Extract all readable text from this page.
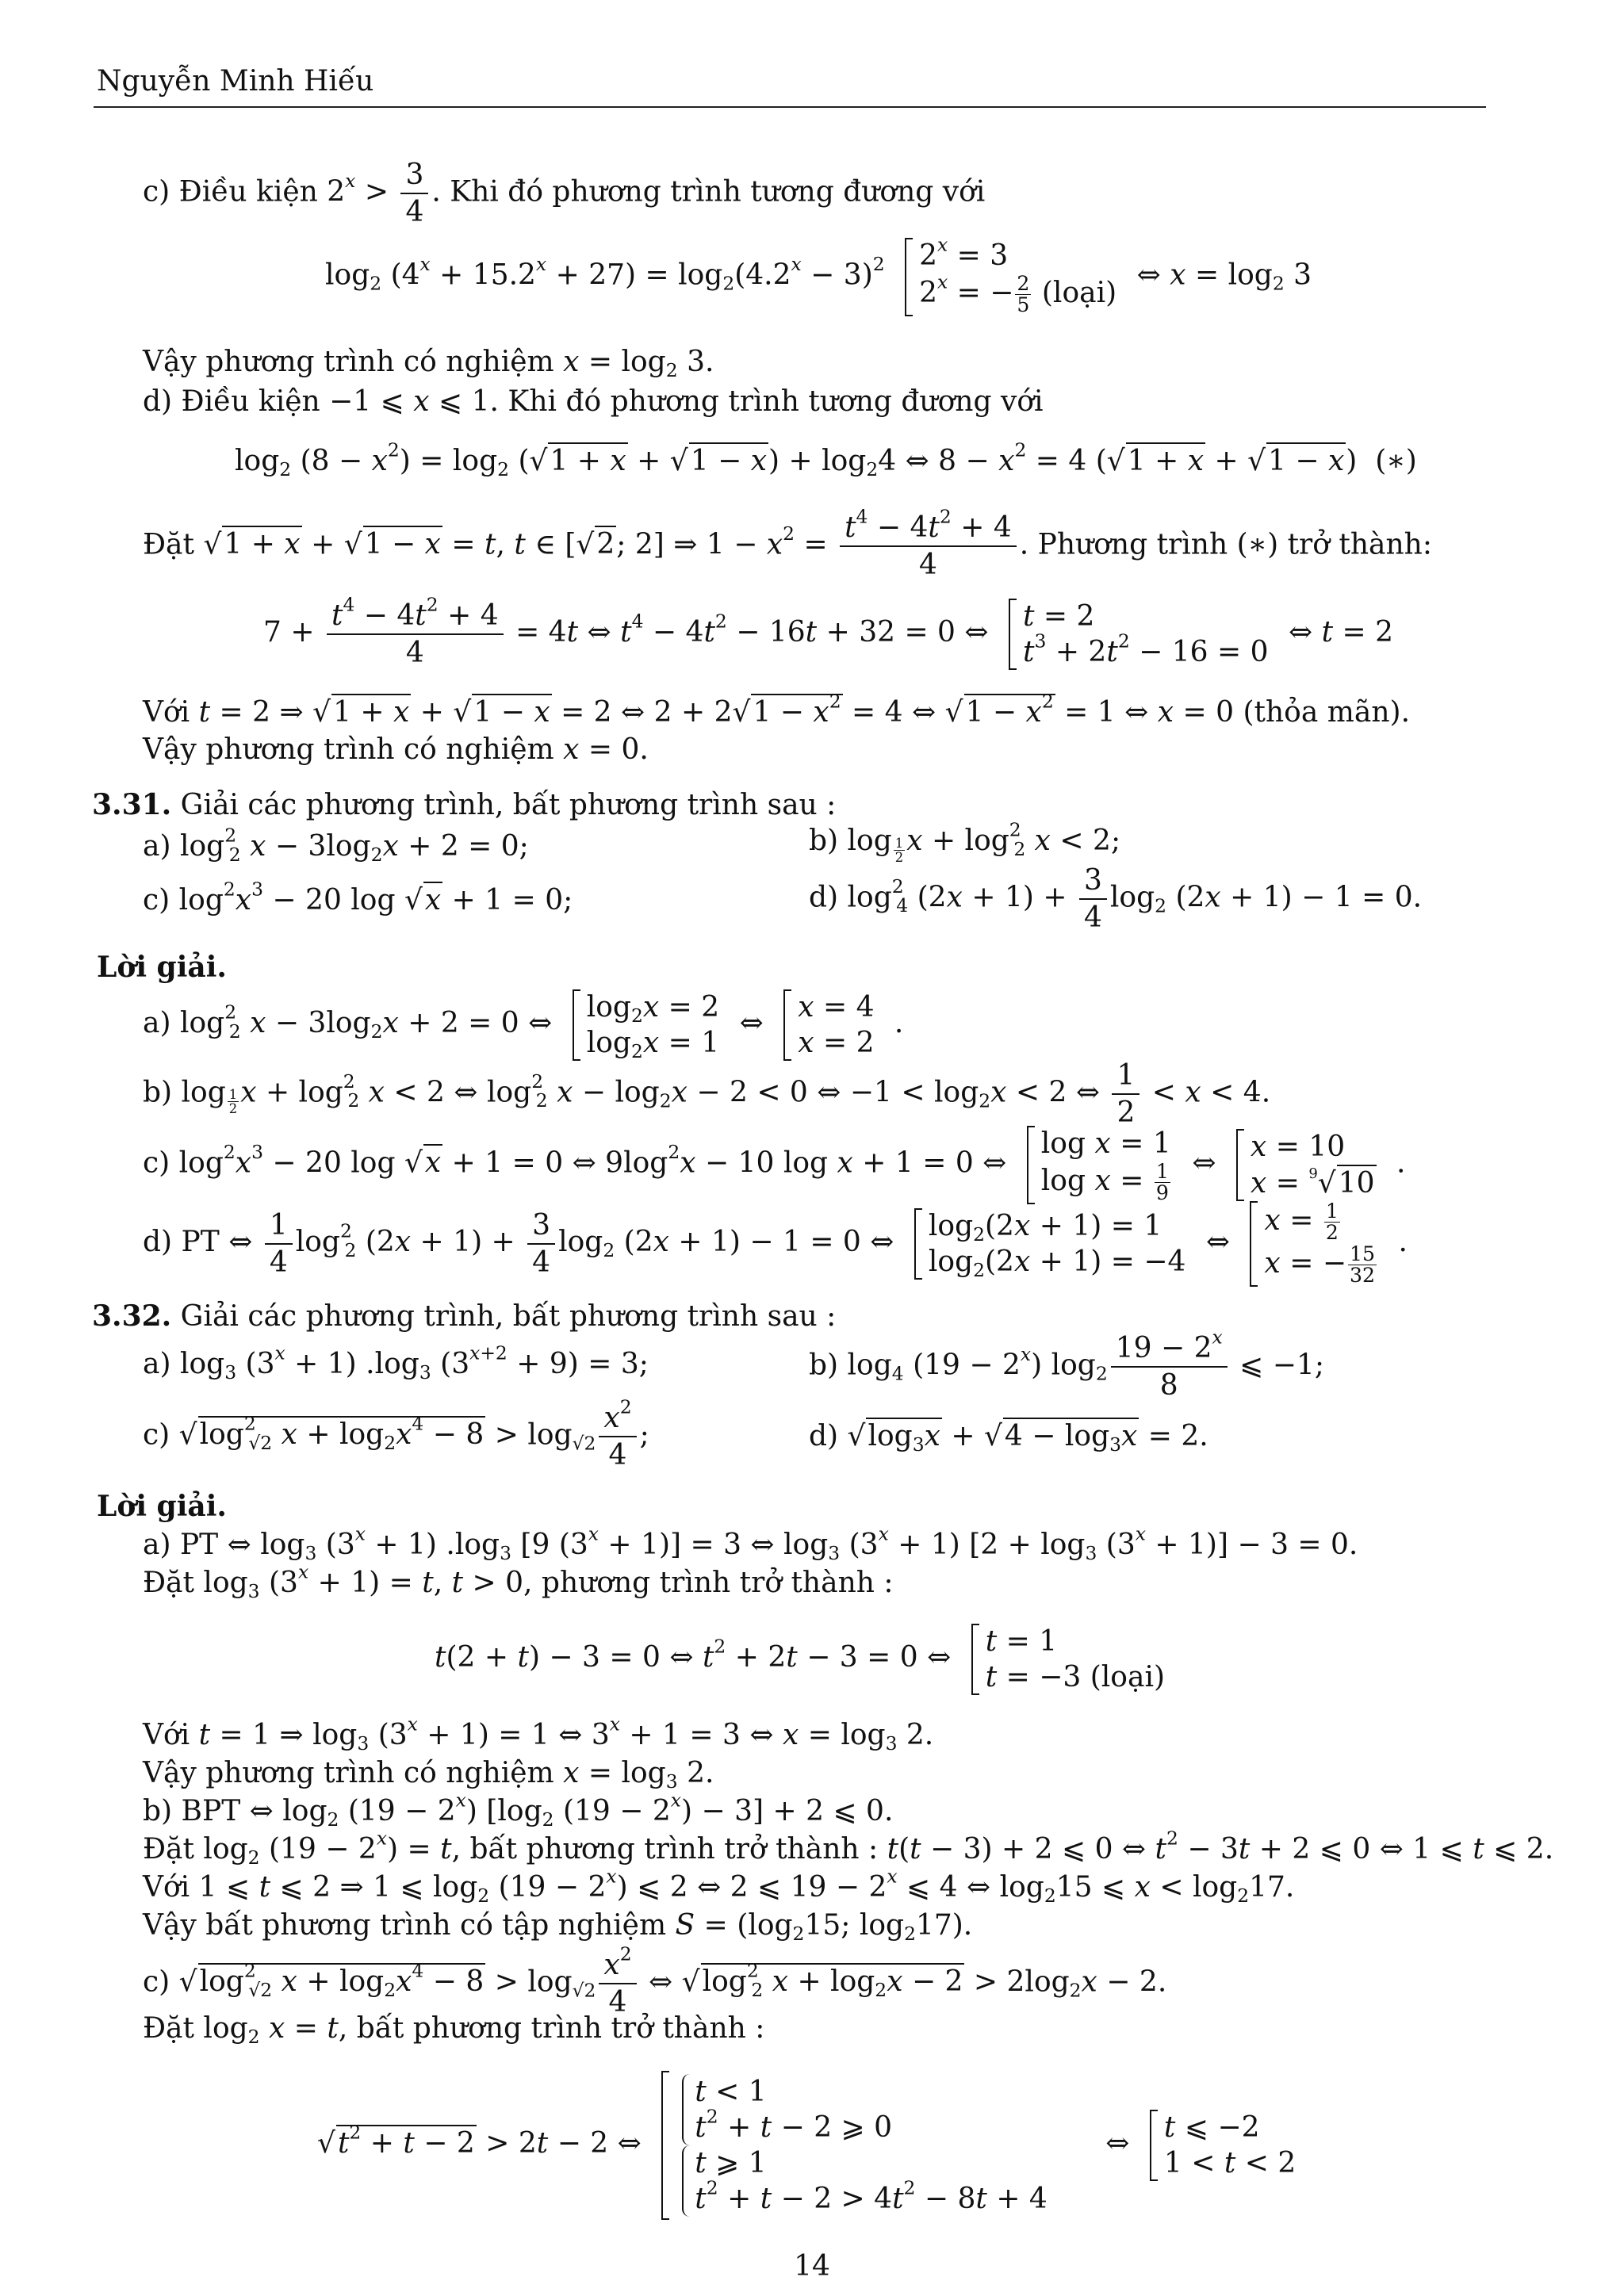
Nguyễn Minh Hiếu
c) Điều kiện $2^x > \frac{3}{4}$ . Khi đó phương trình tương đương với
$\log_2 (4^x + 15.2^x + 27) = \log_2(4.2^x - 3)^2$ $2^x = 3$
$2^x$ = − $\frac{2}{5}$ (loại)
⇔ $x = \log_2 3$
Vậy phương trình có nghiệm $x = \log_2 3$.
d) Điều kiện −1 ⩽ x ⩽ 1. Khi đó phương trình tương đương với
$\log_2 (8 - x^2) = \log_2 (√1 + x + √1 - x) + \log_24$ ⇔ $8 - x^2 = 4$ (√1 + x + √1 − x)  (∗)
Đặt √1 + x + √1 − x = t, t ∈ [√2; 2] ⇒ $1 - x^2 = \frac{t^4 - 4t^2 + 4}{4}$ . Phương trình (∗) trở thành:
$7 + \frac{t^4 - 4t^2 + 4}{4} = 4t$ ⇔ $t^4 - 4t^2 - 16t + 32 = 0$ ⇔ t = 2
$t^3 + 2t^2 - 16 = 0$
⇔ t = 2
Với t = 2 ⇒ √1 + x + √1 − x = 2 ⇔ $2 + 2√1 - x^2 = 4$ ⇔ $√1 - x^2 = 1$ ⇔ x = 0 (thỏa mãn).
Vậy phương trình có nghiệm x = 0.
3.31. Giải các phương trình, bất phương trình sau :
a) $\log^2_2 x - 3\log_2x + 2 = 0$;	b) log $_{\frac{1}{2}}$ $x + \log^2_2 x < 2$;
c) $\log^2x^3 - 20$ log √x + 1 = 0;	d) $\log^2_4 (2x + 1) + \frac{3}{4} \log_2 (2x + 1) - 1 = 0$.
Lời giải.
a) $\log^2_2 x - 3\log_2x + 2 = 0$ ⇔ $\log_2x = 2$
$\log_2x = 1$
⇔ x = 4
x = 2
.
b) log $_{\frac{1}{2}}$ $x + \log^2_2 x < 2$ ⇔ $\log^2_2 x - \log_2x - 2 < 0$ ⇔ $-1 < \log_2x < 2$ ⇔ $\frac{1}{2} < x < 4$.
c) $\log^2x^3 - 20$ log √x + 1 = 0 ⇔ $9\log^2x - 10$ log x + 1 = 0 ⇔
log x = 1
$\log x = \frac{1}{9}$ ⇔ x = 10
x = $^9$√10
.
d) PT ⇔ $\frac{1}{4} \log^2_2 (2x + 1) + \frac{3}{4} \log_2 (2x + 1) - 1 = 0$ ⇔ $\log_2(2x + 1) = 1$
$\log_2(2x + 1) = -4$
⇔
$x = \frac{1}{2}$
x = − $\frac{15}{32}$
.
3.32. Giải các phương trình, bất phương trình sau :
a) $\log_3 (3^x + 1)$ $.\log_3$ $(3^{x+2} + 9) = 3$;	b) $\log_4 (19 - 2^x)$ $\log_2 \frac{19 - 2^x}{8}$ ⩽ −1;
c) $√\log^2_{√2}$ $x + \log_2x^4 - 8 > \log_{√2} \frac{x^2}{4}$ ;	d) $√\log_3x + √4 - \log_3x = 2$.
Lời giải.
a) PT ⇔ $\log_3 (3^x + 1)$ $.\log_3$ [9 $(3^x + 1)] = 3$ ⇔ $\log_3 (3^x + 1) [2 + \log_3 (3^x + 1)] - 3 = 0$.
Đặt $\log_3 (3^x + 1) = t$, t > 0, phương trình trở thành :
t(2 + t) − 3 = 0 ⇔ $t^2 + 2t - 3 = 0$ ⇔ t = 1
t = −3 (loại)
Với t = 1 ⇒ $\log_3 (3^x + 1) = 1$ ⇔ $3^x + 1 = 3$ ⇔ $x = \log_3 2$.
Vậy phương trình có nghiệm $x = \log_3 2$.
b) BPT ⇔ $\log_2 (19 - 2^x)$ [$\log_2$ $(19 - 2^x) - 3] + 2$ ⩽ 0.
Đặt $\log_2 (19 - 2^x) = t$, bất phương trình trở thành : t(t − 3) + 2 ⩽ 0 ⇔ $t^2 - 3t + 2$ ⩽ 0 ⇔ 1 ⩽ t ⩽ 2.
Với 1 ⩽ t ⩽ 2 ⇒ 1 ⩽ $\log_2 (19 - 2^x)$ ⩽ 2 ⇔ 2 ⩽ $19 - 2^x$ ⩽ 4 ⇔ $\log_215$ ⩽ $x < \log_217$.
Vậy bất phương trình có tập nghiệm $S = (\log_215$; $\log_217$).
c) $√\log^2_{√2}$ $x + \log_2x^4 - 8 > \log_{√2} \frac{x^2}{4}$ ⇔ $√\log^2_2$ $x + \log_2x - 2 > 2\log_2x - 2$.
Đặt $\log_2 x = t$, bất phương trình trở thành :
$√t^2 + t - 2 > 2t - 2$ ⇔
t < 1
$t^2 + t - 2$ ⩾ 0
t ⩾ 1
$t^2 + t - 2 > 4t^2 - 8t + 4$
⇔ t ⩽ −2
1 < t < 2
14
